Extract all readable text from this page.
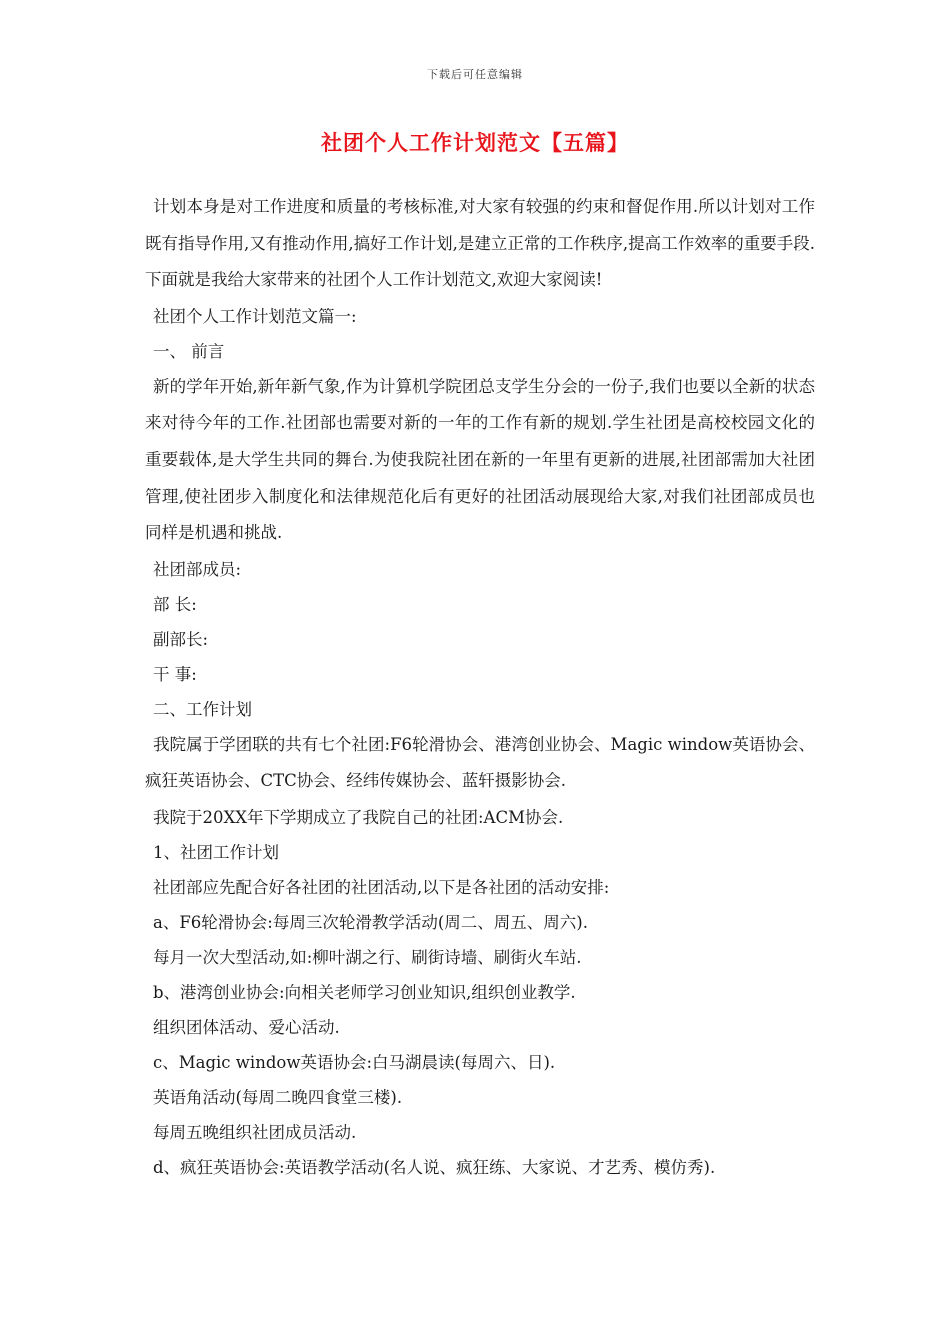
下载后可任意编辑
社团个人工作计划范文【五篇】

计划本身是对工作进度和质量的考核标准,对大家有较强的约束和督促作用.所以计划对工作既有指导作用,又有推动作用,搞好工作计划,是建立正常的工作秩序,提高工作效率的重要手段.下面就是我给大家带来的社团个人工作计划范文,欢迎大家阅读!

社团个人工作计划范文篇一:
一、 前言
新的学年开始,新年新气象,作为计算机学院团总支学生分会的一份子,我们也要以全新的状态来对待今年的工作.社团部也需要对新的一年的工作有新的规划.学生社团是高校校园文化的重要载体,是大学生共同的舞台.为使我院社团在新的一年里有更新的进展,社团部需加大社团管理,使社团步入制度化和法律规范化后有更好的社团活动展现给大家,对我们社团部成员也同样是机遇和挑战.
社团部成员:
部 长:
副部长:
干 事:
二、工作计划
我院属于学团联的共有七个社团:F6轮滑协会、港湾创业协会、Magic window英语协会、疯狂英语协会、CTC协会、经纬传媒协会、蓝轩摄影协会.
我院于20XX年下学期成立了我院自己的社团:ACM协会.
1、社团工作计划
社团部应先配合好各社团的社团活动,以下是各社团的活动安排:
a、F6轮滑协会:每周三次轮滑教学活动(周二、周五、周六).
每月一次大型活动,如:柳叶湖之行、刷街诗墙、刷街火车站.
b、港湾创业协会:向相关老师学习创业知识,组织创业教学.
组织团体活动、爱心活动.
c、Magic window英语协会:白马湖晨读(每周六、日).
英语角活动(每周二晚四食堂三楼).
每周五晚组织社团成员活动.
d、疯狂英语协会:英语教学活动(名人说、疯狂练、大家说、才艺秀、模仿秀).
